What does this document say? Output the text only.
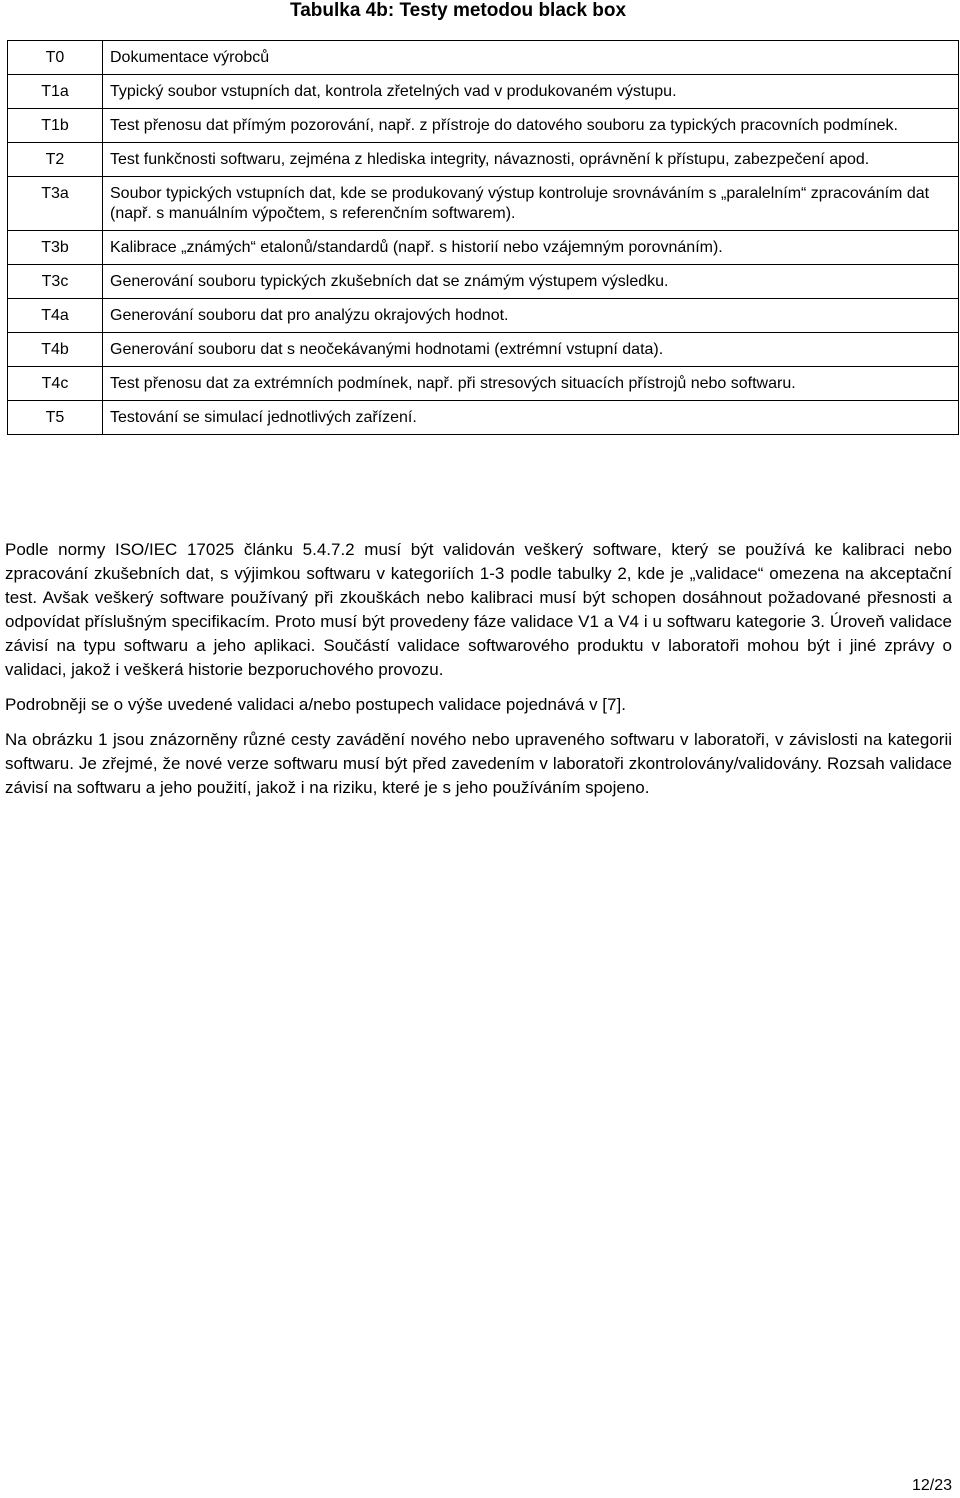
Tabulka 4b: Testy metodou black box
T0	Dokumentace výrobců
T1a	Typický soubor vstupních dat, kontrola zřetelných vad v produkovaném výstupu.
T1b	Test přenosu dat přímým pozorování, např. z přístroje do datového souboru za typických pracovních podmínek.
T2	Test funkčnosti softwaru, zejména z hlediska integrity, návaznosti, oprávnění k přístupu, zabezpečení apod.
T3a	Soubor typických vstupních dat, kde se produkovaný výstup kontroluje srovnáváním s „paralelním“ zpracováním dat (např. s manuálním výpočtem, s referenčním softwarem).
T3b	Kalibrace „známých“ etalonů/standardů (např. s historií nebo vzájemným porovnáním).
T3c	Generování souboru typických zkušebních dat se známým výstupem výsledku.
T4a	Generování souboru dat pro analýzu okrajových hodnot.
T4b	Generování souboru dat s neočekávanými hodnotami (extrémní vstupní data).
T4c	Test přenosu dat za extrémních podmínek, např. při stresových situacích přístrojů nebo softwaru.
T5	Testování se simulací jednotlivých zařízení.

Podle normy ISO/IEC 17025 článku 5.4.7.2 musí být validován veškerý software, který se používá ke kalibraci nebo zpracování zkušebních dat, s výjimkou softwaru v kategoriích 1-3 podle tabulky 2, kde je „validace“ omezena na akceptační test. Avšak veškerý software používaný při zkouškách nebo kalibraci musí být schopen dosáhnout požadované přesnosti a odpovídat příslušným specifikacím. Proto musí být provedeny fáze validace V1 a V4 i u softwaru kategorie 3. Úroveň validace závisí na typu softwaru a jeho aplikaci. Součástí validace softwarového produktu v laboratoři mohou být i jiné zprávy o validaci, jakož i veškerá historie bezporuchového provozu.

Podrobněji se o výše uvedené validaci a/nebo postupech validace pojednává v [7].

Na obrázku 1 jsou znázorněny různé cesty zavádění nového nebo upraveného softwaru v laboratoři, v závislosti na kategorii softwaru. Je zřejmé, že nové verze softwaru musí být před zavedením v laboratoři zkontrolovány/validovány. Rozsah validace závisí na softwaru a jeho použití, jakož i na riziku, které je s jeho používáním spojeno.

12/23
